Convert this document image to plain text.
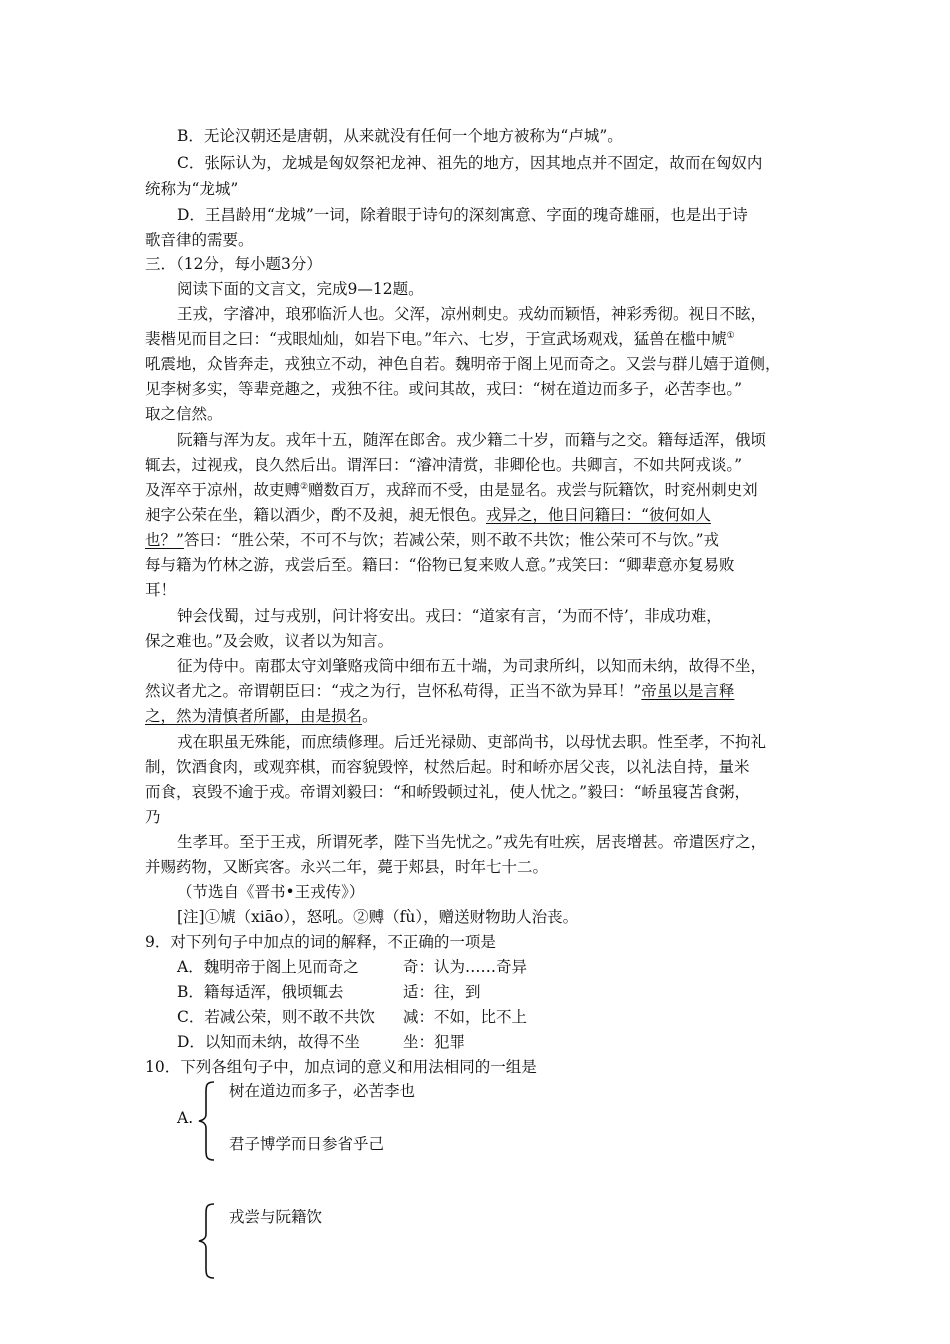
B．无论汉朝还是唐朝，从来就没有任何一个地方被称为“卢城”。
C．张际认为，龙城是匈奴祭祀龙神、祖先的地方，因其地点并不固定，故而在匈奴内
统称为“龙城”
D．王昌龄用“龙城”一词，除着眼于诗句的深刻寓意、字面的瑰奇雄丽，也是出于诗
歌音律的需要。
三．（12分，每小题3分）
阅读下面的文言文，完成9—12题。
王戎，字濬冲，琅邪临沂人也。父浑，凉州刺史。戎幼而颖悟，神彩秀彻。视日不眩，
裴楷见而目之曰：“戎眼灿灿，如岩下电。”年六、七岁，于宣武场观戏，猛兽在槛中虓①
吼震地，众皆奔走，戎独立不动，神色自若。魏明帝于阁上见而奇之。又尝与群儿嬉于道侧，
见李树多实，等辈竞趣之，戎独不往。或问其故，戎曰：“树在道边而多子，必苦李也。”
取之信然。
阮籍与浑为友。戎年十五，随浑在郎舍。戎少籍二十岁，而籍与之交。籍每适浑，俄顷
辄去，过视戎，良久然后出。谓浑曰：“濬冲清赏，非卿伦也。共卿言，不如共阿戎谈。”
及浑卒于凉州，故吏赙②赠数百万，戎辞而不受，由是显名。戎尝与阮籍饮，时兖州刺史刘
昶字公荣在坐，籍以酒少，酌不及昶，昶无恨色。戎异之，他日问籍曰：“彼何如人
也？”答曰：“胜公荣，不可不与饮；若减公荣，则不敢不共饮；惟公荣可不与饮。”戎
每与籍为竹林之游，戎尝后至。籍曰：“俗物已复来败人意。”戎笑曰：“卿辈意亦复易败
耳！
钟会伐蜀，过与戎别，问计将安出。戎曰：“道家有言，‘为而不恃’，非成功难，
保之难也。”及会败，议者以为知言。
征为侍中。南郡太守刘肇赂戎筒中细布五十端，为司隶所纠，以知而未纳，故得不坐，
然议者尤之。帝谓朝臣曰：“戎之为行，岂怀私苟得，正当不欲为异耳！”帝虽以是言释
之，然为清慎者所鄙，由是损名。
戎在职虽无殊能，而庶绩修理。后迁光禄勋、吏部尚书，以母忧去职。性至孝，不拘礼
制，饮酒食肉，或观弈棋，而容貌毁悴，杖然后起。时和峤亦居父丧，以礼法自持，量米
而食，哀毁不逾于戎。帝谓刘毅曰：“和峤毁顿过礼，使人忧之。”毅曰：“峤虽寝苫食粥，
乃
生孝耳。至于王戎，所谓死孝，陛下当先忧之。”戎先有吐疾，居丧增甚。帝遣医疗之，
并赐药物，又断宾客。永兴二年，薨于郏县，时年七十二。
（节选自《晋书•王戎传》）
[注]①虓（xiāo），怒吼。②赙（fù），赠送财物助人治丧。
9．对下列句子中加点的词的解释，不正确的一项是
A．魏明帝于阁上见而奇之	奇：认为……奇异
B．籍每适浑，俄顷辄去	适：往，到
C．若减公荣，则不敢不共饮 减：不如，比不上
D．以知而未纳，故得不坐	坐：犯罪
10．下列各组句子中，加点词的意义和用法相同的一组是
树在道边而多子，必苦李也
A.
君子博学而日参省乎己
戎尝与阮籍饮
